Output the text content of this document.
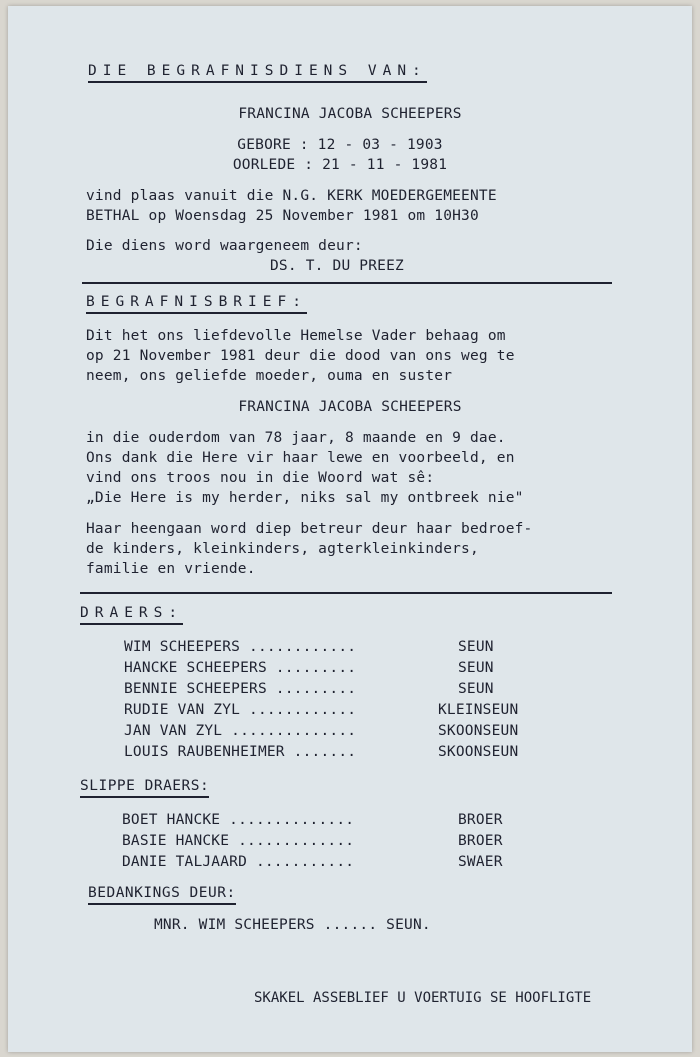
DIE BEGRAFNISDIENS VAN:
FRANCINA JACOBA SCHEEPERS
GEBORE : 12 - 03 - 1903
OORLEDE : 21 - 11 - 1981
vind plaas vanuit die N.G. KERK MOEDERGEMEENTE
BETHAL op Woensdag 25 November 1981 om 10H30
Die diens word waargeneem deur:
DS. T. DU PREEZ
BEGRAFNISBRIEF:
Dit het ons liefdevolle Hemelse Vader behaag om
op 21 November 1981 deur die dood van ons weg te
neem, ons geliefde moeder, ouma en suster
FRANCINA JACOBA SCHEEPERS
in die ouderdom van 78 jaar, 8 maande en 9 dae.
Ons dank die Here vir haar lewe en voorbeeld, en
vind ons troos nou in die Woord wat sê:
„Die Here is my herder, niks sal my ontbreek nie"
Haar heengaan word diep betreur deur haar bedroef-
de kinders, kleinkinders, agterkleinkinders,
familie en vriende.
DRAERS:
WIM SCHEEPERS ............	SEUN
HANCKE SCHEEPERS .........	SEUN
BENNIE SCHEEPERS .........	SEUN
RUDIE VAN ZYL ............	KLEINSEUN
JAN VAN ZYL ..............	SKOONSEUN
LOUIS RAUBENHEIMER .......	SKOONSEUN
SLIPPE DRAERS:
BOET HANCKE ..............	BROER
BASIE HANCKE .............	BROER
DANIE TALJAARD ...........	SWAER
BEDANKINGS DEUR:
MNR. WIM SCHEEPERS ...... SEUN.
SKAKEL ASSEBLIEF U VOERTUIG SE HOOFLIGTE
